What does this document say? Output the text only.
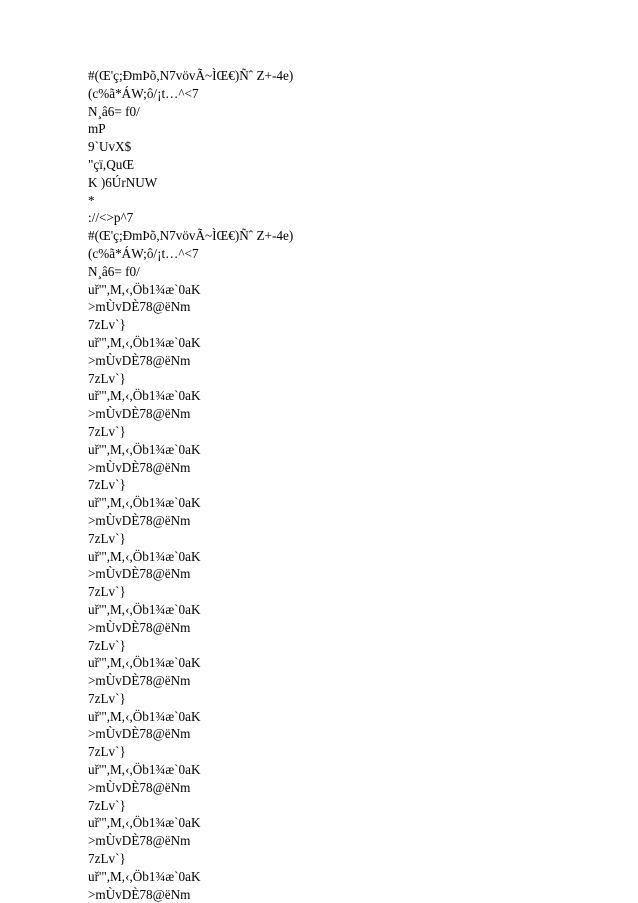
#(Œ'ç;ÐmÞõ,N7vövÃ~ÌŒ€)Ñˆ Z+-4e)
(c%ã*ÁW;ô/¡t…^<7
N¸â6= f0/
mP
9`UvX$
"çï,QuŒ
K )6ÚrNUW
*
://<>p^7
#(Œ'ç;ÐmÞõ,N7vövÃ~ÌŒ€)Ñˆ Z+-4e)
(c%ã*ÁW;ô/¡t…^<7
N¸â6= f0/
uř'",M,‹,Öb1¾æ`0aK
>mÙvDÈ78@ëNm
7zLv`}
uř'",M,‹,Öb1¾æ`0aK
>mÙvDÈ78@ëNm
7zLv`}
uř'",M,‹,Öb1¾æ`0aK
>mÙvDÈ78@ëNm
7zLv`}
uř'",M,‹,Öb1¾æ`0aK
>mÙvDÈ78@ëNm
7zLv`}
uř'",M,‹,Öb1¾æ`0aK
>mÙvDÈ78@ëNm
7zLv`}
uř'",M,‹,Öb1¾æ`0aK
>mÙvDÈ78@ëNm
7zLv`}
uř'",M,‹,Öb1¾æ`0aK
>mÙvDÈ78@ëNm
7zLv`}
uř'",M,‹,Öb1¾æ`0aK
>mÙvDÈ78@ëNm
7zLv`}
uř'",M,‹,Öb1¾æ`0aK
>mÙvDÈ78@ëNm
7zLv`}
uř'",M,‹,Öb1¾æ`0aK
>mÙvDÈ78@ëNm
7zLv`}
uř'",M,‹,Öb1¾æ`0aK
>mÙvDÈ78@ëNm
7zLv`}
uř'",M,‹,Öb1¾æ`0aK
>mÙvDÈ78@ëNm
